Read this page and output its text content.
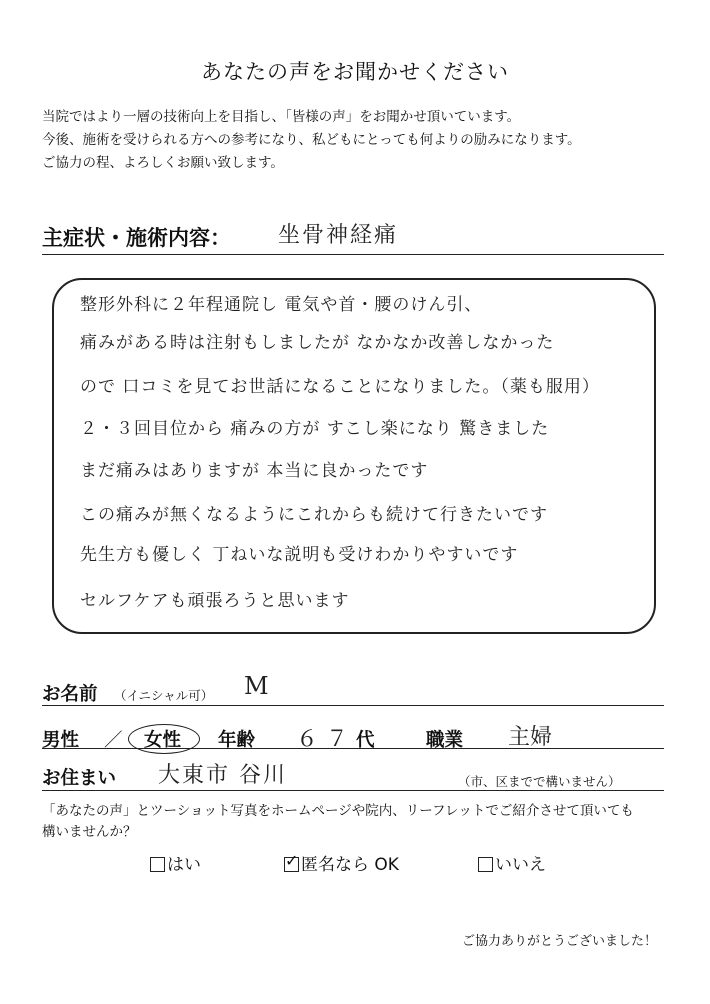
あなたの声をお聞かせください
当院ではより一層の技術向上を目指し、「皆様の声」をお聞かせ頂いています。
今後、施術を受けられる方への参考になり、私どもにとっても何よりの励みになります。
ご協力の程、よろしくお願い致します。
主症状・施術内容： 坐骨神経痛
整形外科に２年程通院し 電気や首・腰のけん引、
痛みがある時は注射もしましたが なかなか改善しなかった
ので 口コミを見てお世話になることになりました。（薬も服用）
２・３回目位から 痛みの方が すこし楽になり 驚きました
まだ痛みはありますが 本当に良かったです
この痛みが無くなるようにこれからも続けて行きたいです
先生方も優しく 丁ねいな説明も受けわかりやすいです
セルフケアも頑張ろうと思います
お名前 （イニシャル可） M
男性 ／ 女性 年齢 ６７ 代	職業 主婦
お住まい 大東市 谷川	（市、区までで構いません）
「あなたの声」とツーショット写真をホームページや院内、リーフレットでご紹介させて頂いても
構いませんか？
はい	✓ 匿名なら OK	いいえ
ご協力ありがとうございました！
